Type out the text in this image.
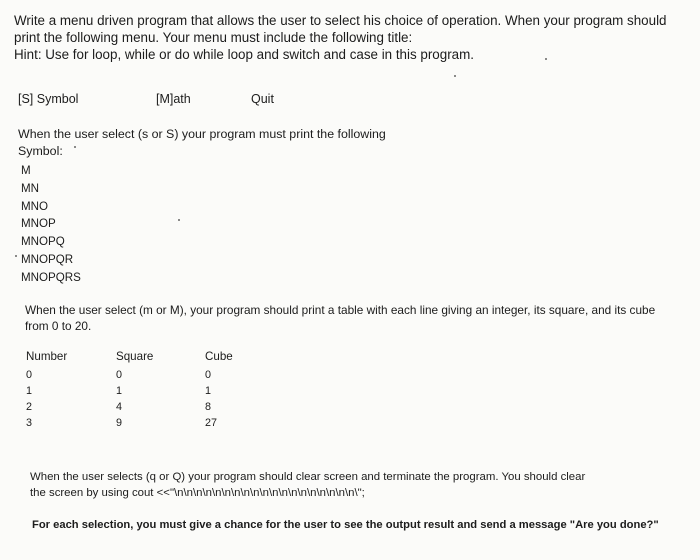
Write a menu driven program that allows the user to select his choice of operation. When your program should
print the following menu. Your menu must include the following title:
Hint: Use for loop, while or do while loop and switch and case in this program.
[S] Symbol	[M]ath	Quit
When the user select (s or S) your program must print the following
Symbol:
M
MN
MNO
MNOP
MNOPQ
MNOPQR
MNOPQRS
When the user select (m or M), your program should print a table with each line giving an integer, its square, and its cube from 0 to 20.
Number
0
1
2
3
Square
0
1
4
9
Cube
0
1
8
27
When the user selects (q or Q) your program should clear screen and terminate the program. You should clear
the screen by using cout <<"\n\n\n\n\n\n\n\n\n\n\n\n\n\n\n\n\n\n\n\";
For each selection, you must give a chance for the user to see the output result and send a message "Are you done?"
